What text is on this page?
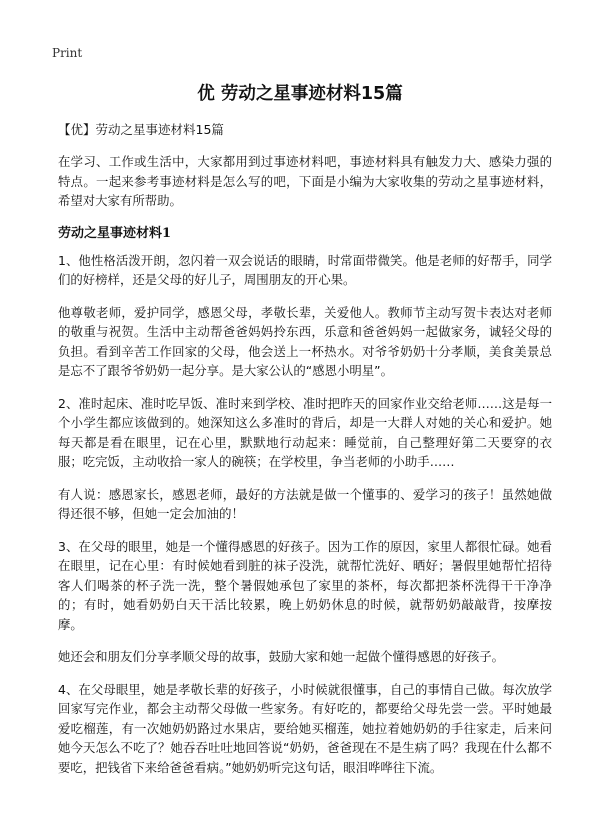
Print
优 劳动之星事迹材料15篇

【优】劳动之星事迹材料15篇

在学习、工作或生活中，大家都用到过事迹材料吧，事迹材料具有触发力大、感染力强的特点。一起来参考事迹材料是怎么写的吧，下面是小编为大家收集的劳动之星事迹材料，希望对大家有所帮助。

劳动之星事迹材料1

1、他性格活泼开朗，忽闪着一双会说话的眼睛，时常面带微笑。他是老师的好帮手，同学们的好榜样，还是父母的好儿子，周围朋友的开心果。

他尊敬老师，爱护同学，感恩父母，孝敬长辈，关爱他人。教师节主动写贺卡表达对老师的敬重与祝贺。生活中主动帮爸爸妈妈拎东西，乐意和爸爸妈妈一起做家务，诚轻父母的负担。看到辛苦工作回家的父母，他会送上一杯热水。对爷爷奶奶十分孝顺，美食美景总是忘不了跟爷爷奶奶一起分享。是大家公认的“感恩小明星”。

2、准时起床、准时吃早饭、准时来到学校、准时把昨天的回家作业交给老师……这是每一个小学生都应该做到的。她深知这么多准时的背后，却是一大群人对她的关心和爱护。她每天都是看在眼里，记在心里，默默地行动起来：睡觉前，自己整理好第二天要穿的衣服；吃完饭，主动收拾一家人的碗筷；在学校里，争当老师的小助手……

有人说：感恩家长，感恩老师，最好的方法就是做一个懂事的、爱学习的孩子！虽然她做得还很不够，但她一定会加油的！

3、在父母的眼里，她是一个懂得感恩的好孩子。因为工作的原因，家里人都很忙碌。她看在眼里，记在心里：有时候她看到脏的袜子没洗，就帮忙洗好、晒好；暑假里她帮忙招待客人们喝茶的杯子洗一洗，整个暑假她承包了家里的茶杯，每次都把茶杯洗得干干净净的；有时，她看奶奶白天干活比较累，晚上奶奶休息的时候，就帮奶奶敲敲背，按摩按摩。

她还会和朋友们分享孝顺父母的故事，鼓励大家和她一起做个懂得感恩的好孩子。

4、在父母眼里，她是孝敬长辈的好孩子，小时候就很懂事，自己的事情自己做。每次放学回家写完作业，都会主动帮父母做一些家务。有好吃的，都要给父母先尝一尝。平时她最爱吃榴莲，有一次她奶奶路过水果店，要给她买榴莲，她拉着她奶奶的手往家走，后来问她今天怎么不吃了？她吞吞吐吐地回答说“奶奶，爸爸现在不是生病了吗？我现在什么都不要吃，把钱省下来给爸爸看病。”她奶奶听完这句话，眼泪哗哗往下流。
